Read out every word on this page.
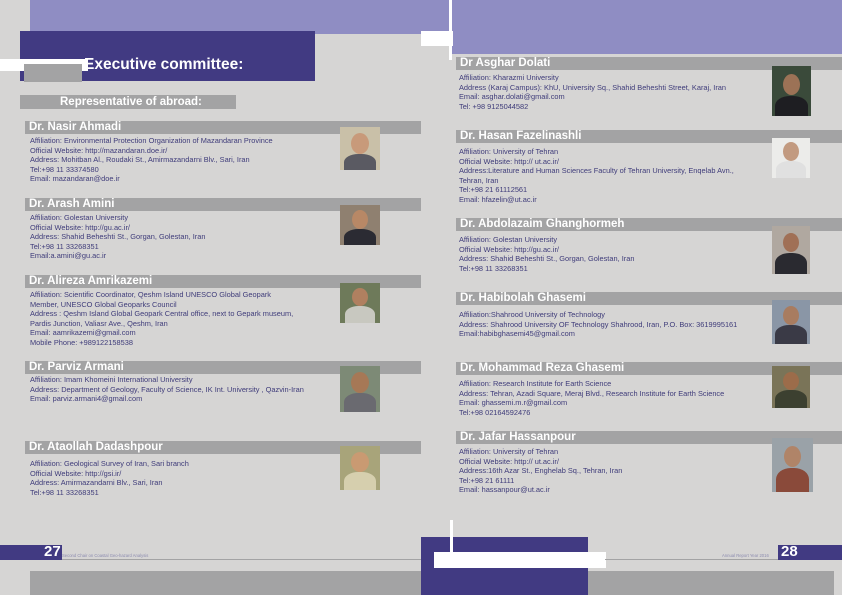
Executive committee:
Representative of abroad:
Dr. Nasir Ahmadi
Affiliation: Environmental Protection Organization of Mazandaran Province
Official Website: http://mazandaran.doe.ir/
Address: Mohitban Al., Roudaki St., Amirmazandarni Blv., Sari, Iran
Tel:+98 11 33374580
Email: mazandaran@doe.ir
Dr. Arash Amini
Affiliation: Golestan University
Official Website: http://gu.ac.ir/
Address: Shahid Beheshti St., Gorgan, Golestan, Iran
Tel:+98 11 33268351
Email:a.amini@gu.ac.ir
Dr. Alireza Amrikazemi
Affiliation: Scientific Coordinator, Qeshm Island UNESCO Global Geopark
Member, UNESCO Global Geoparks Council
Address : Qeshm Island Global Geopark Central office, next to Gepark museum,
Pardis Junction, Valiasr Ave., Qeshm, Iran
Email: aamrikazemi@gmail.com
Mobile Phone: +989122158538
Dr. Parviz Armani
Affiliation: Imam Khomeini International University
Address: Department of Geology, Faculty of Science, IK Int. University , Qazvin-Iran
Email: parviz.armani4@gmail.com
Dr. Ataollah Dadashpour
Affiliation: Geological Survey of Iran, Sari branch
Official Website: http://gsi.ir/
Address: Amirmazandarni Blv., Sari, Iran
Tel:+98 11 33268351
Dr Asghar Dolati
Affiliation: Kharazmi University
Address (Karaj Campus): KhU, University Sq., Shahid Beheshti Street, Karaj, Iran
Email: asghar.dolati@gmail.com
Tel: +98 9125044582
Dr. Hasan Fazelinashli
Affiliation: University of Tehran
Official Website: http:// ut.ac.ir/
Address:Literature and Human Sciences Faculty of Tehran University, Enqelab Avn.,
Tehran, Iran
Tel:+98 21 61112561
Email: hfazelin@ut.ac.ir
Dr. Abdolazaim Ghanghormeh
Affiliation: Golestan University
Official Website: http://gu.ac.ir/
Address: Shahid Beheshti St., Gorgan, Golestan, Iran
Tel:+98 11 33268351
Dr. Habibolah Ghasemi
Affiliation:Shahrood University of Technology
Address: Shahrood University OF Technology Shahrood, Iran, P.O. Box: 3619995161
Email:habibghasemi45@gmail.com
Dr. Mohammad Reza Ghasemi
Affiliation: Research Institute for Earth Science
Address: Tehran, Azadi Square, Meraj Blvd., Research Institute for Earth Science
Email: ghassemi.m.r@gmail.com
Tel:+98 02164592476
Dr. Jafar Hassanpour
Affiliation: University of Tehran
Official Website: http:// ut.ac.ir/
Address:16th Azar St., Enghelab Sq., Tehran, Iran
Tel:+98 21 61111
Email: hassanpour@ut.ac.ir
27	28
Second Chair on Coastal Geo-hazard Analysis	Annual Report Year 2016
